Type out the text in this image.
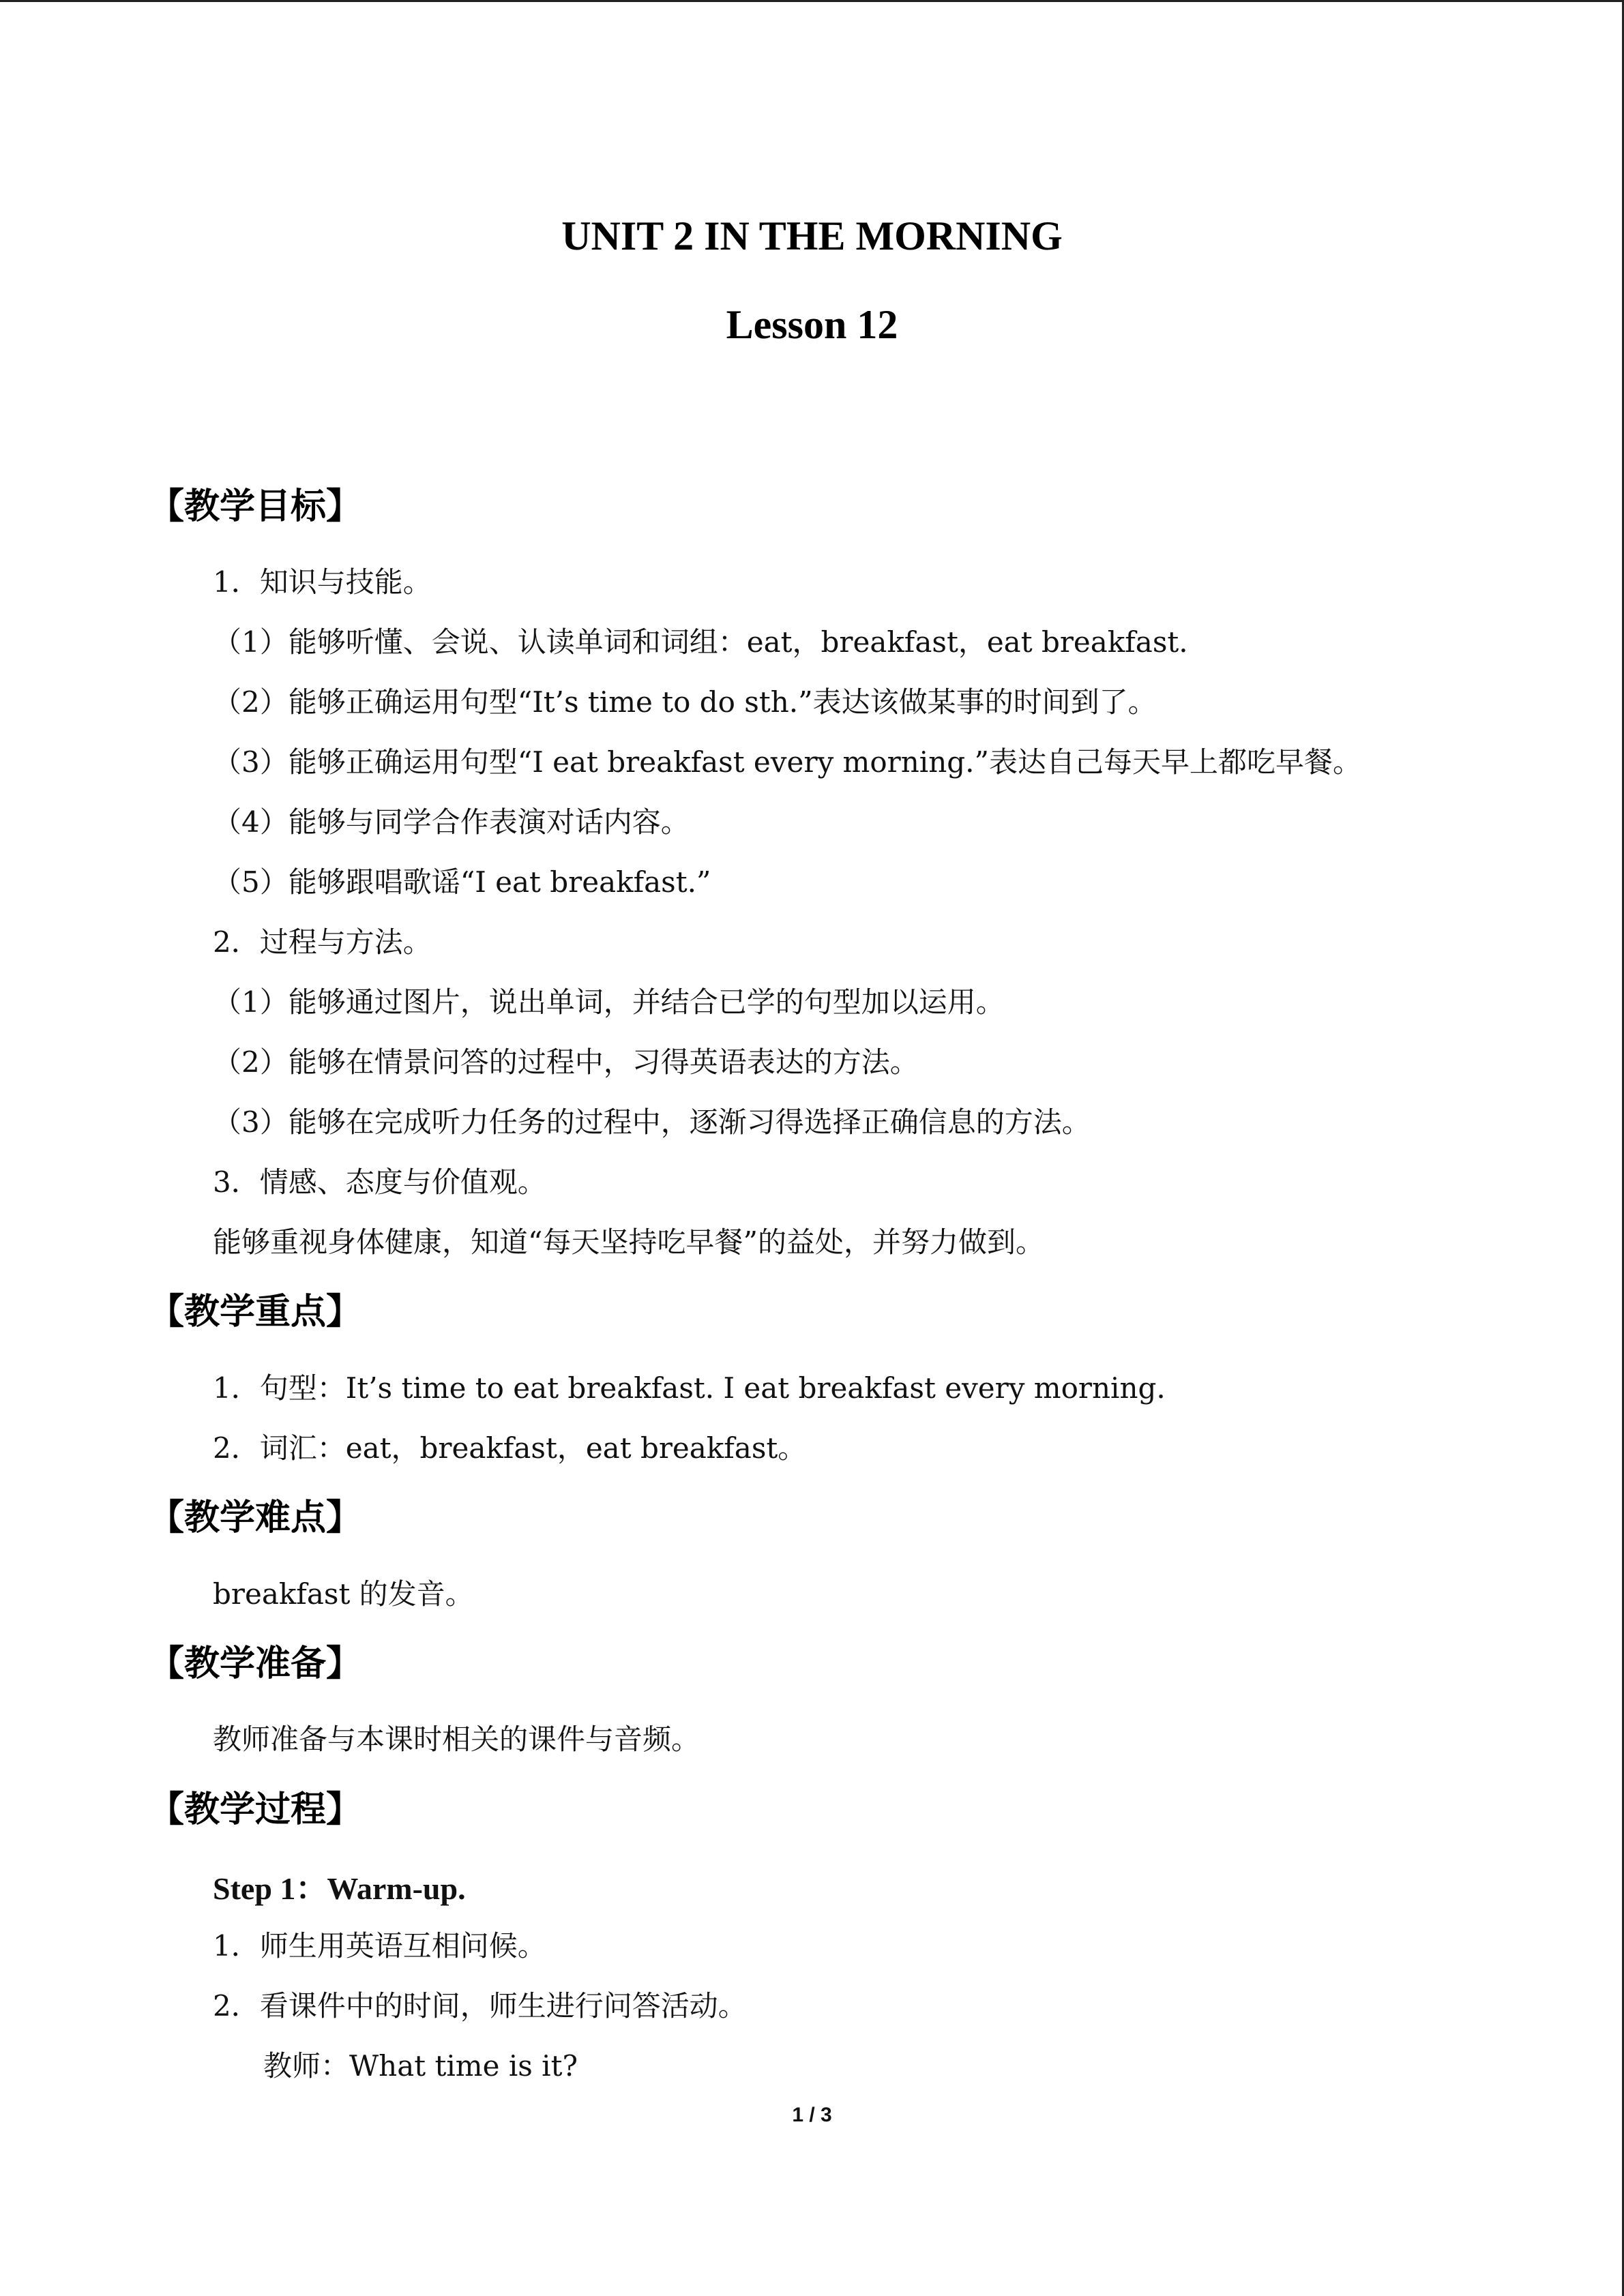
UNIT 2 IN THE MORNING
Lesson 12
【教学目标】
1．知识与技能。
（1）能够听懂、会说、认读单词和词组：eat，breakfast，eat breakfast.
（2）能够正确运用句型“It’s time to do sth.”表达该做某事的时间到了。
（3）能够正确运用句型“I eat breakfast every morning.”表达自己每天早上都吃早餐。
（4）能够与同学合作表演对话内容。
（5）能够跟唱歌谣“I eat breakfast.”
2．过程与方法。
（1）能够通过图片，说出单词，并结合已学的句型加以运用。
（2）能够在情景问答的过程中，习得英语表达的方法。
（3）能够在完成听力任务的过程中，逐渐习得选择正确信息的方法。
3．情感、态度与价值观。
能够重视身体健康，知道“每天坚持吃早餐”的益处，并努力做到。
【教学重点】
1．句型：It’s time to eat breakfast. I eat breakfast every morning.
2．词汇：eat，breakfast，eat breakfast。
【教学难点】
breakfast 的发音。
【教学准备】
教师准备与本课时相关的课件与音频。
【教学过程】
Step 1：Warm-up.
1．师生用英语互相问候。
2．看课件中的时间，师生进行问答活动。
教师：What time is it?
1 / 3
